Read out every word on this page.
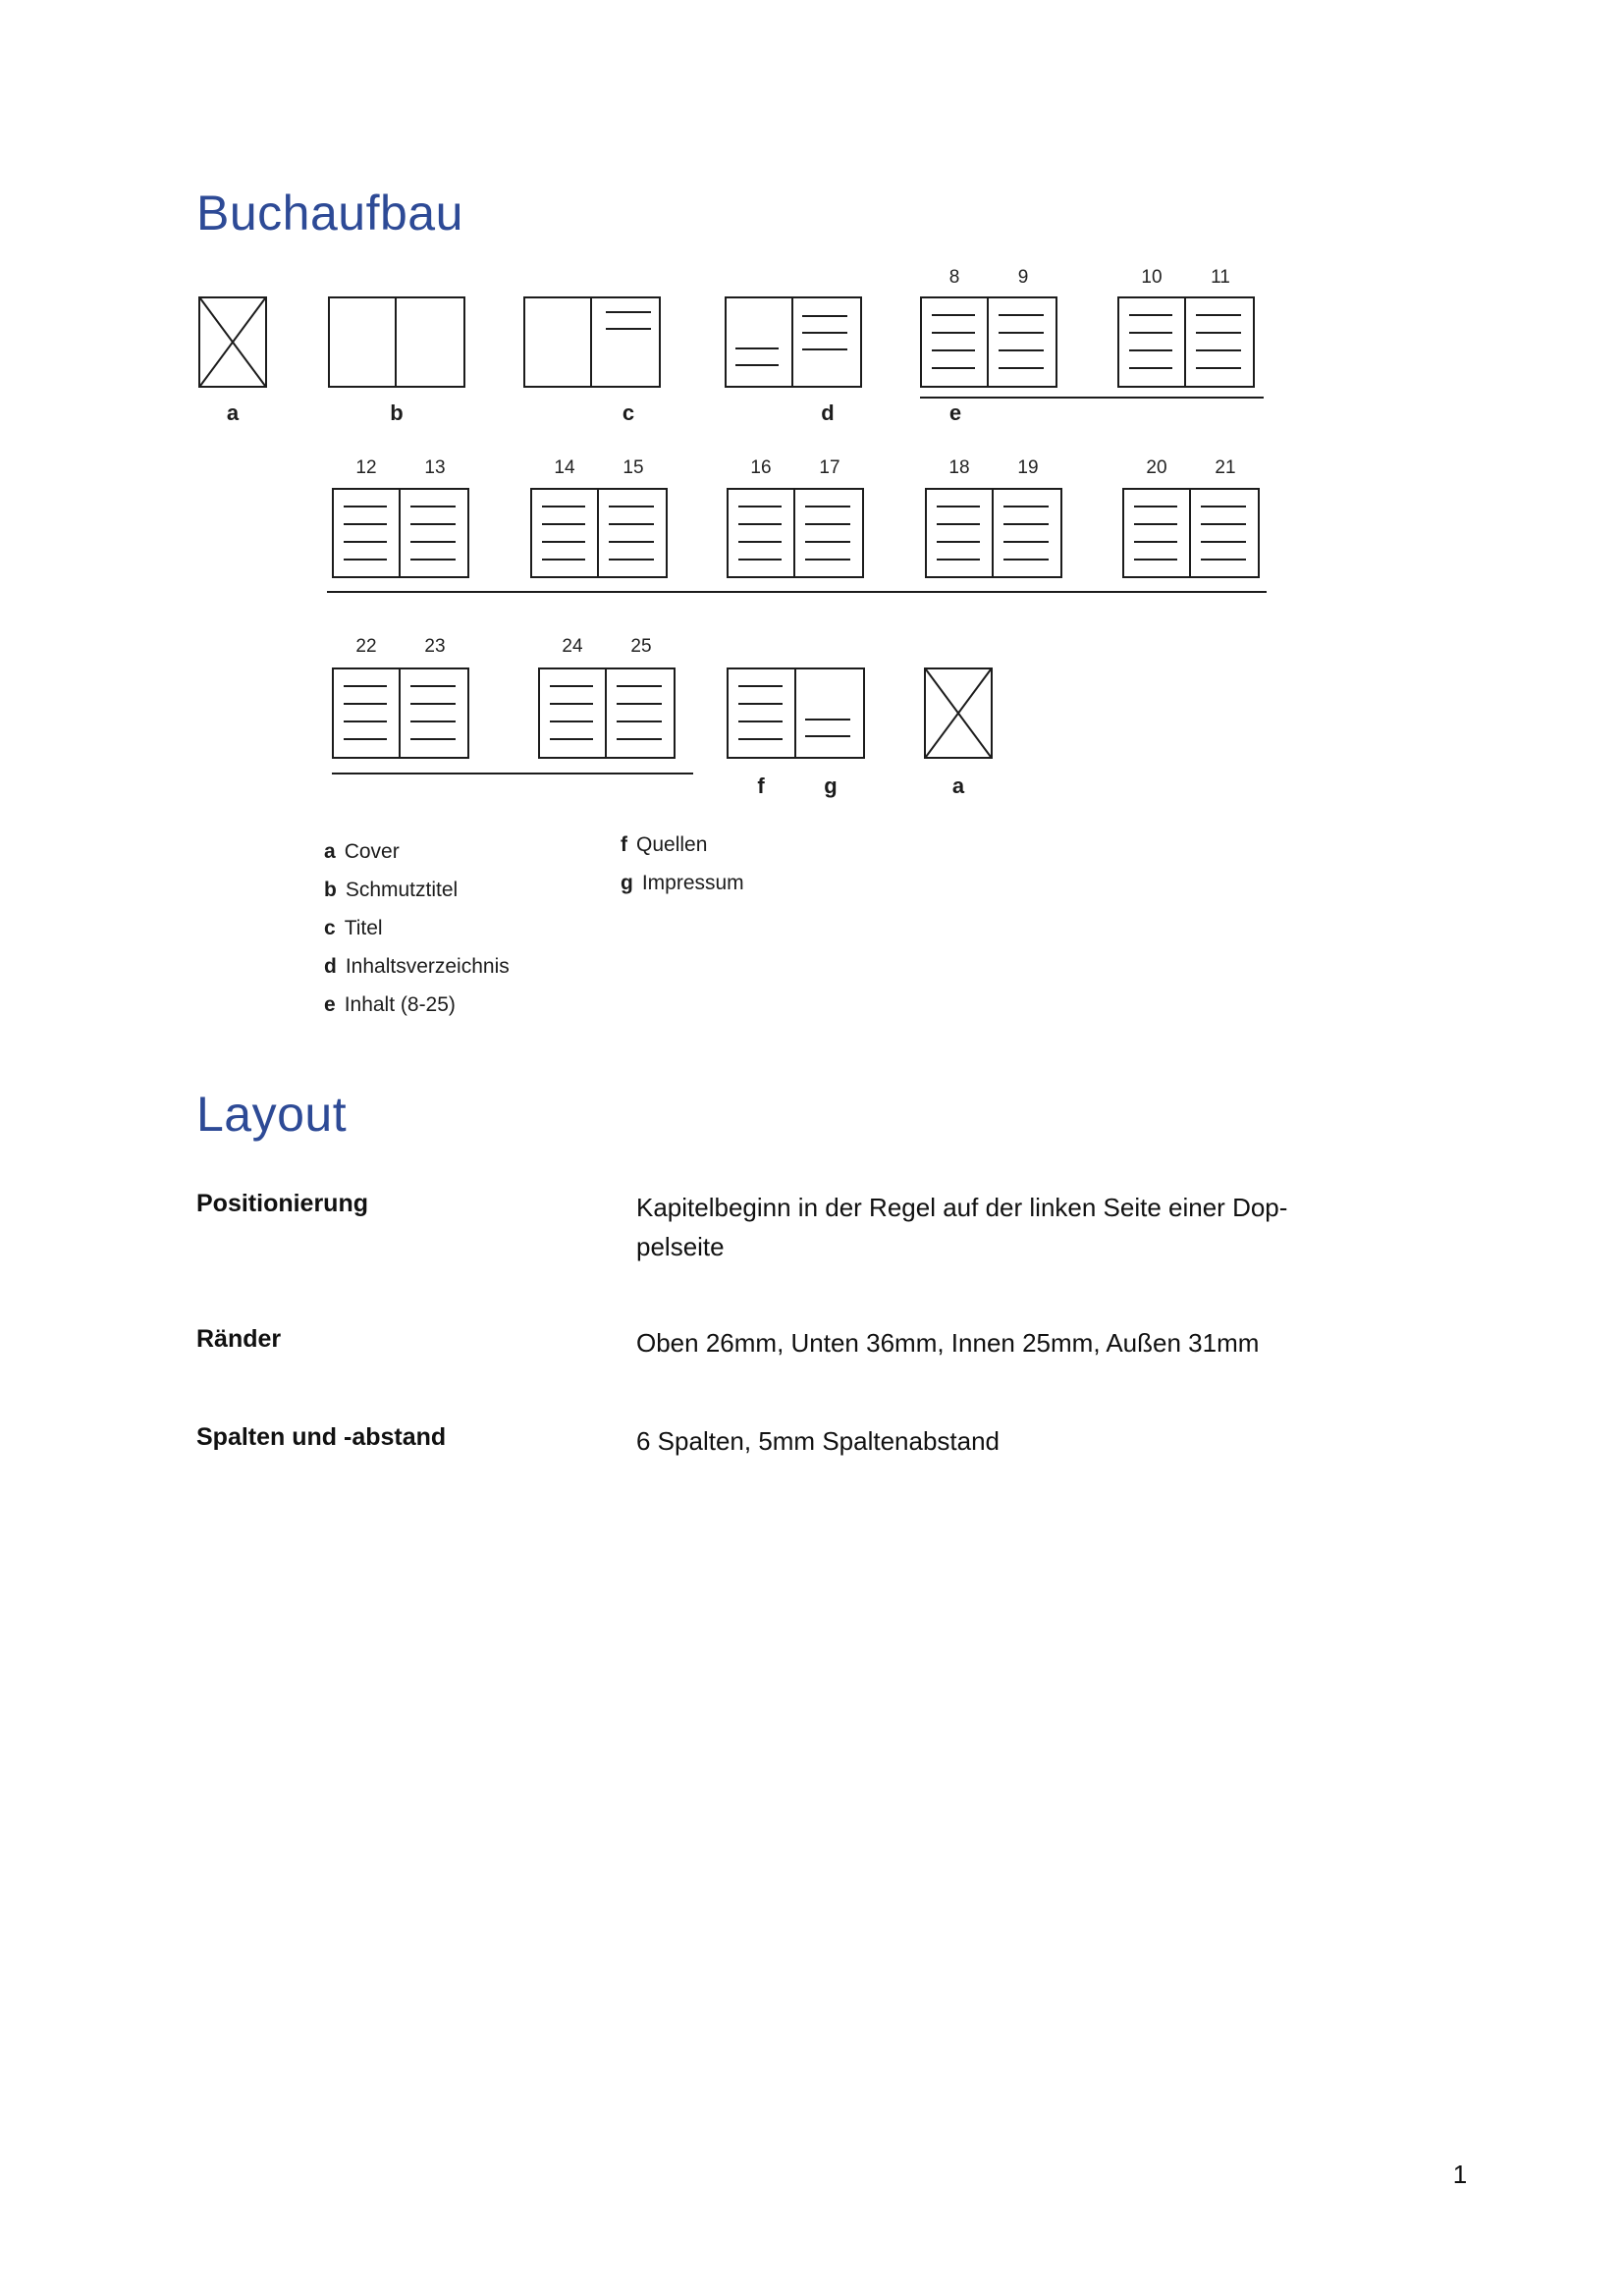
Buchaufbau
8	9	10	11
a	b	c	d	e
12	13	14	15	16	17	18	19	20	21
22	23	24	25
f	g	a
a Cover
b Schmutztitel
c Titel
d Inhaltsverzeichnis
e Inhalt (8-25)
f Quellen
g Impressum
Layout
Positionierung	Kapitelbeginn in der Regel auf der linken Seite einer Dop-
pelseite
Ränder	Oben 26mm, Unten 36mm, Innen 25mm, Außen 31mm
Spalten und -abstand	6 Spalten, 5mm Spaltenabstand
1
